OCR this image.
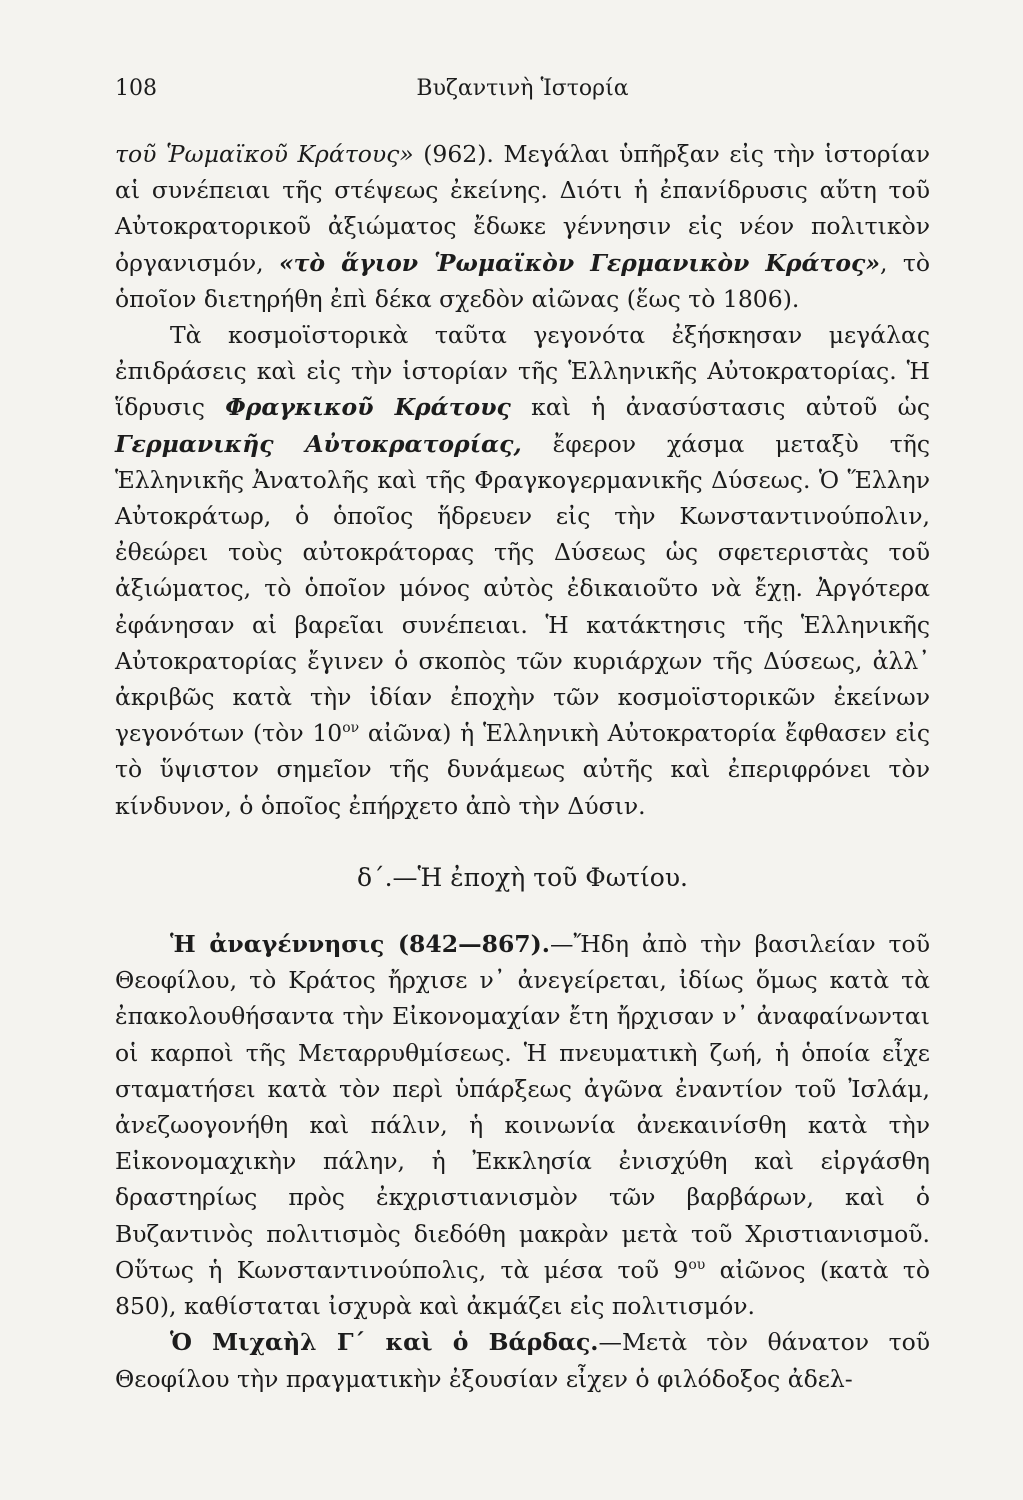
108	Βυζαντινὴ Ἱστορία

τοῦ Ῥωμαϊκοῦ Κράτους» (962). Μεγάλαι ὑπῆρξαν εἰς τὴν ἱστορίαν αἱ συνέπειαι τῆς στέψεως ἐκείνης. Διότι ἡ ἐπανίδρυσις αὕτη τοῦ Αὐτοκρατορικοῦ ἀξιώματος ἔδωκε γέννησιν εἰς νέον πολιτικὸν ὀργανισμόν, «τὸ ἅγιον Ῥωμαϊκὸν Γερμανικὸν Κράτος», τὸ ὁποῖον διετηρήθη ἐπὶ δέκα σχεδὸν αἰῶνας (ἕως τὸ 1806).

Τὰ κοσμοϊστορικὰ ταῦτα γεγονότα ἐξήσκησαν μεγάλας ἐπιδράσεις καὶ εἰς τὴν ἱστορίαν τῆς Ἑλληνικῆς Αὐτοκρατορίας. Ἡ ἵδρυσις Φραγκικοῦ Κράτους καὶ ἡ ἀνασύστασις αὐτοῦ ὡς Γερμανικῆς Αὐτοκρατορίας, ἔφερον χάσμα μεταξὺ τῆς Ἑλληνικῆς Ἀνατολῆς καὶ τῆς Φραγκογερμανικῆς Δύσεως. Ὁ Ἕλλην Αὐτοκράτωρ, ὁ ὁποῖος ἥδρευεν εἰς τὴν Κωνσταντινούπολιν, ἐθεώρει τοὺς αὐτοκράτορας τῆς Δύσεως ὡς σφετεριστὰς τοῦ ἀξιώματος, τὸ ὁποῖον μόνος αὐτὸς ἐδικαιοῦτο νὰ ἔχῃ. Ἀργότερα ἐφάνησαν αἱ βαρεῖαι συνέπειαι. Ἡ κατάκτησις τῆς Ἑλληνικῆς Αὐτοκρατορίας ἔγινεν ὁ σκοπὸς τῶν κυριάρχων τῆς Δύσεως, ἀλλ᾽ ἀκριβῶς κατὰ τὴν ἰδίαν ἐποχὴν τῶν κοσμοϊστορικῶν ἐκείνων γεγονότων (τὸν $10^{o\nu}$ αἰῶνα) ἡ Ἑλληνικὴ Αὐτοκρατορία ἔφθασεν εἰς τὸ ὕψιστον σημεῖον τῆς δυνάμεως αὐτῆς καὶ ἐπεριφρόνει τὸν κίνδυνον, ὁ ὁποῖος ἐπήρχετο ἀπὸ τὴν Δύσιν.

δ΄.—Ἡ ἐποχὴ τοῦ Φωτίου.

Ἡ ἀναγέννησις (842—867).—Ἤδη ἀπὸ τὴν βασιλείαν τοῦ Θεοφίλου, τὸ Κράτος ἤρχισε ν᾽ ἀνεγείρεται, ἰδίως ὅμως κατὰ τὰ ἐπακολουθήσαντα τὴν Εἰκονομαχίαν ἔτη ἤρχισαν ν᾽ ἀναφαίνωνται οἱ καρποὶ τῆς Μεταρρυθμίσεως. Ἡ πνευματικὴ ζωή, ἡ ὁποία εἶχε σταματήσει κατὰ τὸν περὶ ὑπάρξεως ἀγῶνα ἐναντίον τοῦ Ἰσλάμ, ἀνεζωογονήθη καὶ πάλιν, ἡ κοινωνία ἀνεκαινίσθη κατὰ τὴν Εἰκονομαχικὴν πάλην, ἡ Ἐκκλησία ἐνισχύθη καὶ εἰργάσθη δραστηρίως πρὸς ἐκχριστιανισμὸν τῶν βαρβάρων, καὶ ὁ Βυζαντινὸς πολιτισμὸς διεδόθη μακρὰν μετὰ τοῦ Χριστιανισμοῦ. Οὕτως ἡ Κωνσταντινούπολις, τὰ μέσα τοῦ $9^{o\upsilon}$ αἰῶνος (κατὰ τὸ 850), καθίσταται ἰσχυρὰ καὶ ἀκμάζει εἰς πολιτισμόν.

Ὁ Μιχαὴλ Γ´ καὶ ὁ Βάρδας.—Μετὰ τὸν θάνατον τοῦ Θεοφίλου τὴν πραγματικὴν ἐξουσίαν εἶχεν ὁ φιλόδοξος ἀδελ-
